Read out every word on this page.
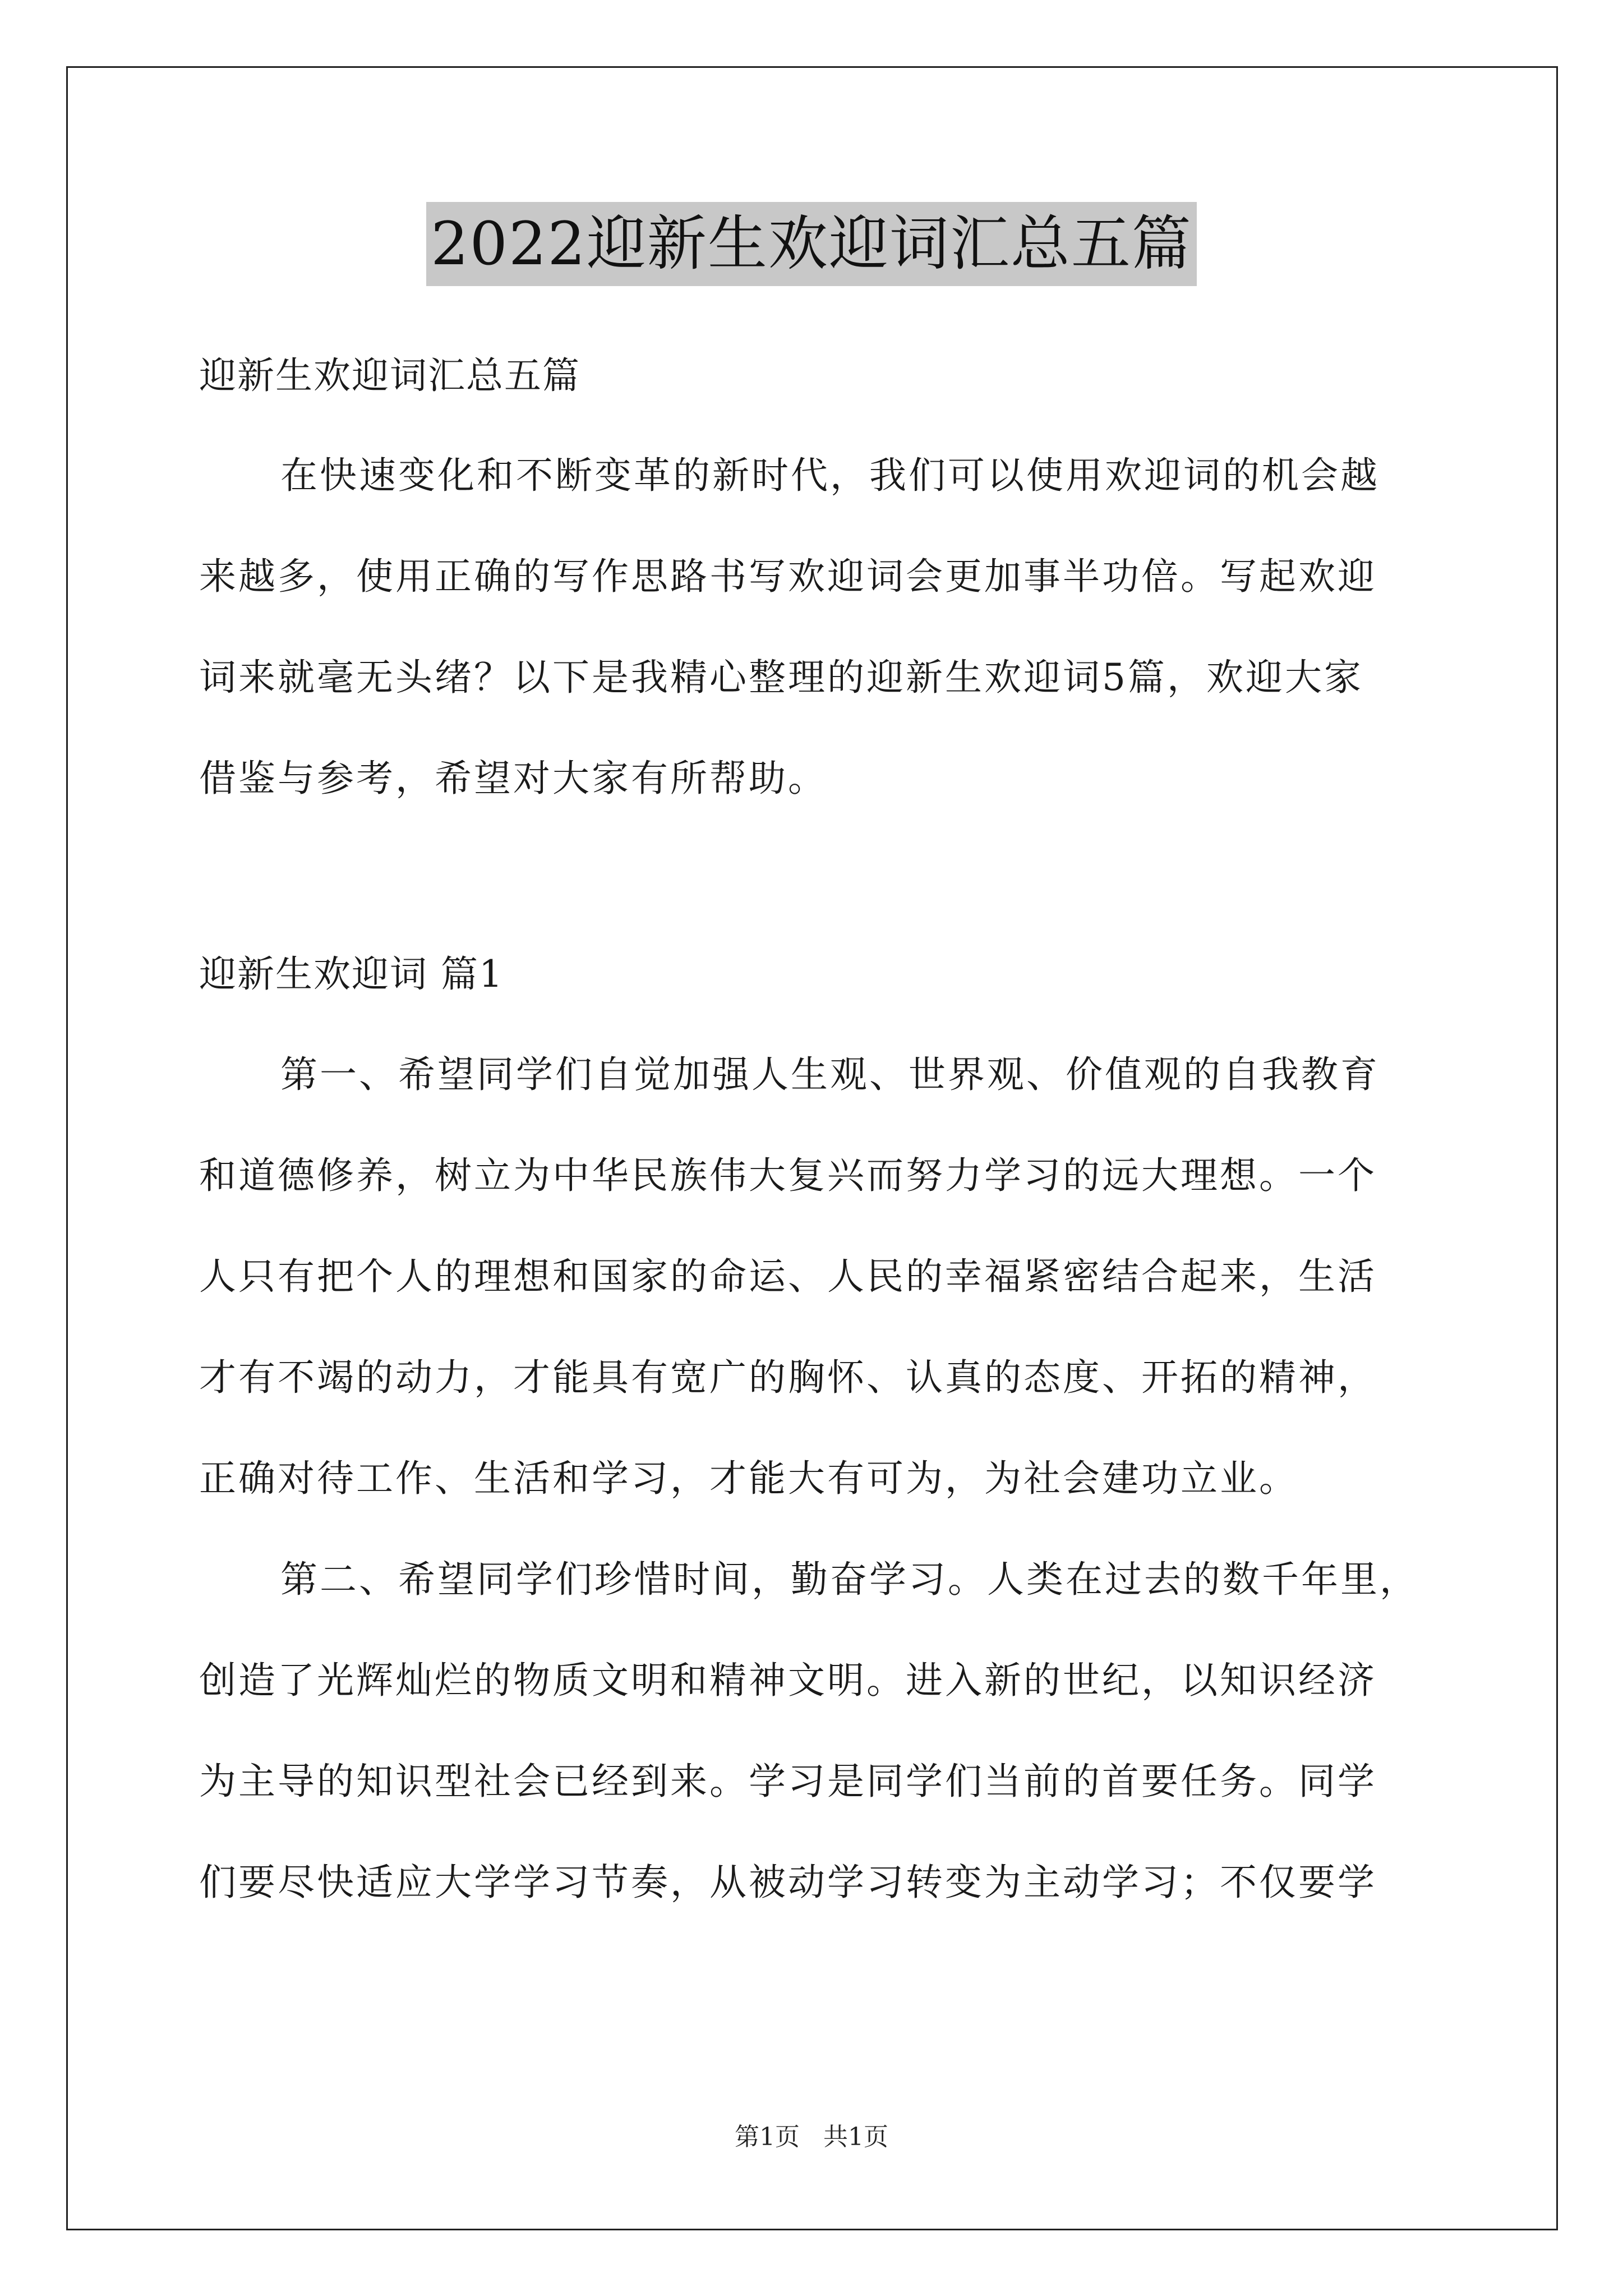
2022迎新生欢迎词汇总五篇
迎新生欢迎词汇总五篇
在快速变化和不断变革的新时代，我们可以使用欢迎词的机会越
来越多，使用正确的写作思路书写欢迎词会更加事半功倍。写起欢迎
词来就毫无头绪？以下是我精心整理的迎新生欢迎词5篇，欢迎大家
借鉴与参考，希望对大家有所帮助。
迎新生欢迎词 篇1
第一、希望同学们自觉加强人生观、世界观、价值观的自我教育
和道德修养，树立为中华民族伟大复兴而努力学习的远大理想。一个
人只有把个人的理想和国家的命运、人民的幸福紧密结合起来，生活
才有不竭的动力，才能具有宽广的胸怀、认真的态度、开拓的精神，
正确对待工作、生活和学习，才能大有可为，为社会建功立业。
第二、希望同学们珍惜时间，勤奋学习。人类在过去的数千年里，
创造了光辉灿烂的物质文明和精神文明。进入新的世纪，以知识经济
为主导的知识型社会已经到来。学习是同学们当前的首要任务。同学
们要尽快适应大学学习节奏，从被动学习转变为主动学习；不仅要学
第1页 共1页
